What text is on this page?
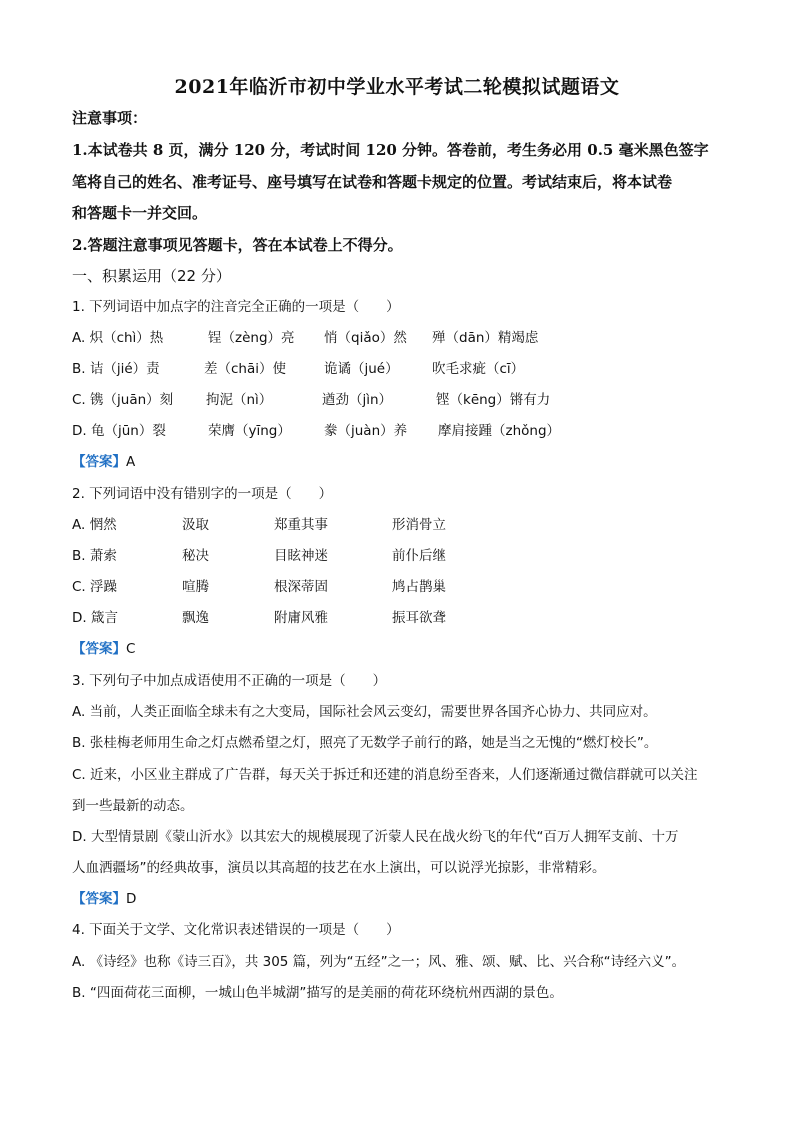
2021年临沂市初中学业水平考试二轮模拟试题语文
注意事项：
1.本试卷共 8 页，满分 120 分，考试时间 120 分钟。答卷前，考生务必用 0.5 毫米黑色签字
笔将自己的姓名、准考证号、座号填写在试卷和答题卡规定的位置。考试结束后，将本试卷
和答题卡一并交回。
2.答题注意事项见答题卡，答在本试卷上不得分。
一、积累运用（22 分）
1. 下列词语中加点字的注音完全正确的一项是（　　）
A. 炽（chì）热	锃（zèng）亮 悄（qiǎo）然 殚（dān）精竭虑
B. 诘（jié）责	差（chāi）使	诡谲（jué） 吹毛求疵（cī）
C. 镌（juān）刻 拘泥（nì）	遒劲（jìn）	铿（kēng）锵有力
D. 龟（jūn）裂	荣膺（yīng） 豢（juàn）养 摩肩接踵（zhǒng）
【答案】A
2. 下列词语中没有错别字的一项是（　　）
A. 惘然	汲取	郑重其事	形消骨立
B. 萧索	秘决	目眩神迷	前仆后继
C. 浮躁	喧腾	根深蒂固	鸠占鹊巢
D. 箴言	飘逸	附庸风雅	振耳欲聋
【答案】C
3. 下列句子中加点成语使用不正确的一项是（　　）
A. 当前，人类正面临全球未有之大变局，国际社会风云变幻，需要世界各国齐心协力、共同应对。
B. 张桂梅老师用生命之灯点燃希望之灯，照亮了无数学子前行的路，她是当之无愧的“燃灯校长”。
C. 近来，小区业主群成了广告群，每天关于拆迁和还建的消息纷至沓来，人们逐渐通过微信群就可以关注
到一些最新的动态。
D. 大型情景剧《蒙山沂水》以其宏大的规模展现了沂蒙人民在战火纷飞的年代“百万人拥军支前、十万
人血洒疆场”的经典故事，演员以其高超的技艺在水上演出，可以说浮光掠影，非常精彩。
【答案】D
4. 下面关于文学、文化常识表述错误的一项是（　　）
A. 《诗经》也称《诗三百》，共 305 篇，列为“五经”之一；风、雅、颂、赋、比、兴合称“诗经六义”。
B. “四面荷花三面柳，一城山色半城湖”描写的是美丽的荷花环绕杭州西湖的景色。
